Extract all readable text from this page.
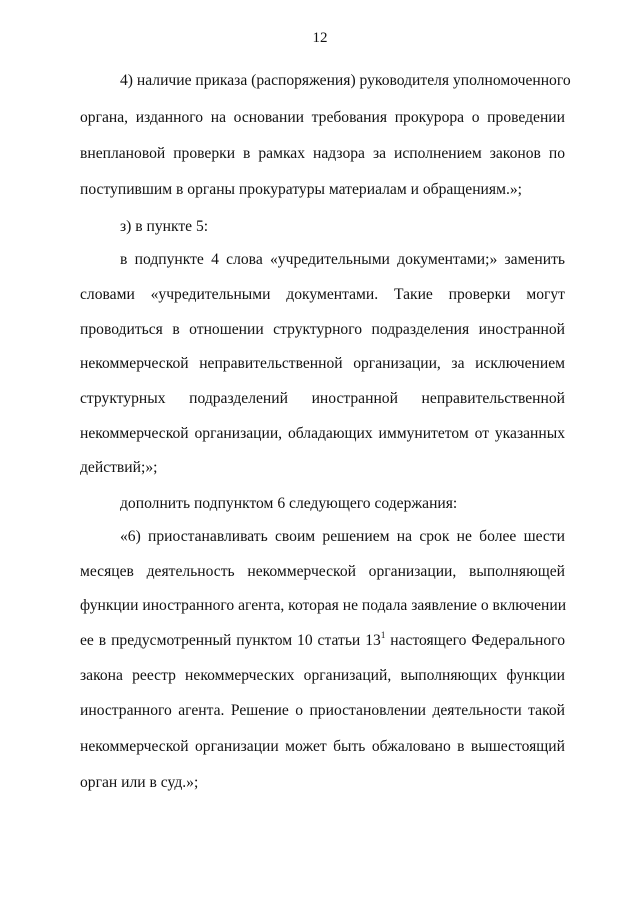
12
4) наличие приказа (распоряжения) руководителя уполномоченного
органа, изданного на основании требования прокурора о проведении
внеплановой проверки в рамках надзора за исполнением законов по
поступившим в органы прокуратуры материалам и обращениям.»;
з) в пункте 5:
в подпункте 4 слова «учредительными документами;» заменить
словами «учредительными документами. Такие проверки могут
проводиться в отношении структурного подразделения иностранной
некоммерческой неправительственной организации, за исключением
структурных подразделений иностранной неправительственной
некоммерческой организации, обладающих иммунитетом от указанных
действий;»;
дополнить подпунктом 6 следующего содержания:
«6) приостанавливать своим решением на срок не более шести
месяцев деятельность некоммерческой организации, выполняющей
функции иностранного агента, которая не подала заявление о включении
ее в предусмотренный пунктом 10 статьи $13^1$ настоящего Федерального
закона реестр некоммерческих организаций, выполняющих функции
иностранного агента. Решение о приостановлении деятельности такой
некоммерческой организации может быть обжаловано в вышестоящий
орган или в суд.»;
